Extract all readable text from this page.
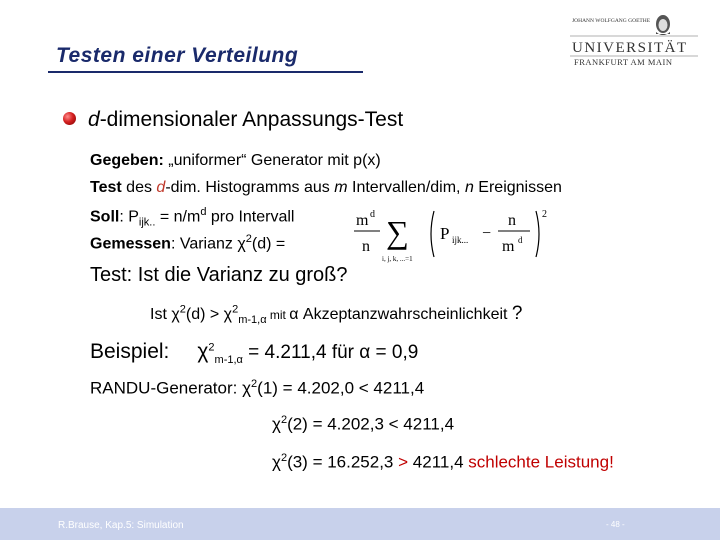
Testen einer Verteilung
JOHANN WOLFGANG GOETHE
UNIVERSITÄT
FRANKFURT AM MAIN
d-dimensionaler Anpassungs-Test
Gegeben: „uniformer“ Generator mit p(x)
Test des d-dim. Histogramms aus m Intervallen/dim, n Ereignissen
Soll: $P_{ijk..} = n/m^d$ pro Intervall
Gemessen: Varianz $\chi^2(d)$ =
m d
n ∑
i, j, k, ...=1
P ijk... −
n
m d
2
Test: Ist die Varianz zu groß?
Ist $\chi^2(d) > \chi^2_{m-1,\alpha}$ mit α Akzeptanzwahrscheinlichkeit ?
Beispiel: $\chi^2_{m-1,\alpha} = 4.211,4$ für α = 0,9
RANDU-Generator: $\chi^2(1) = 4.202,0 < 4211,4$
$\chi^2(2) = 4.202,3 < 4211,4$
$\chi^2(3) = 16.252,3 > 4211,4$ schlechte Leistung!
R.Brause, Kap.5: Simulation	- 48 -
